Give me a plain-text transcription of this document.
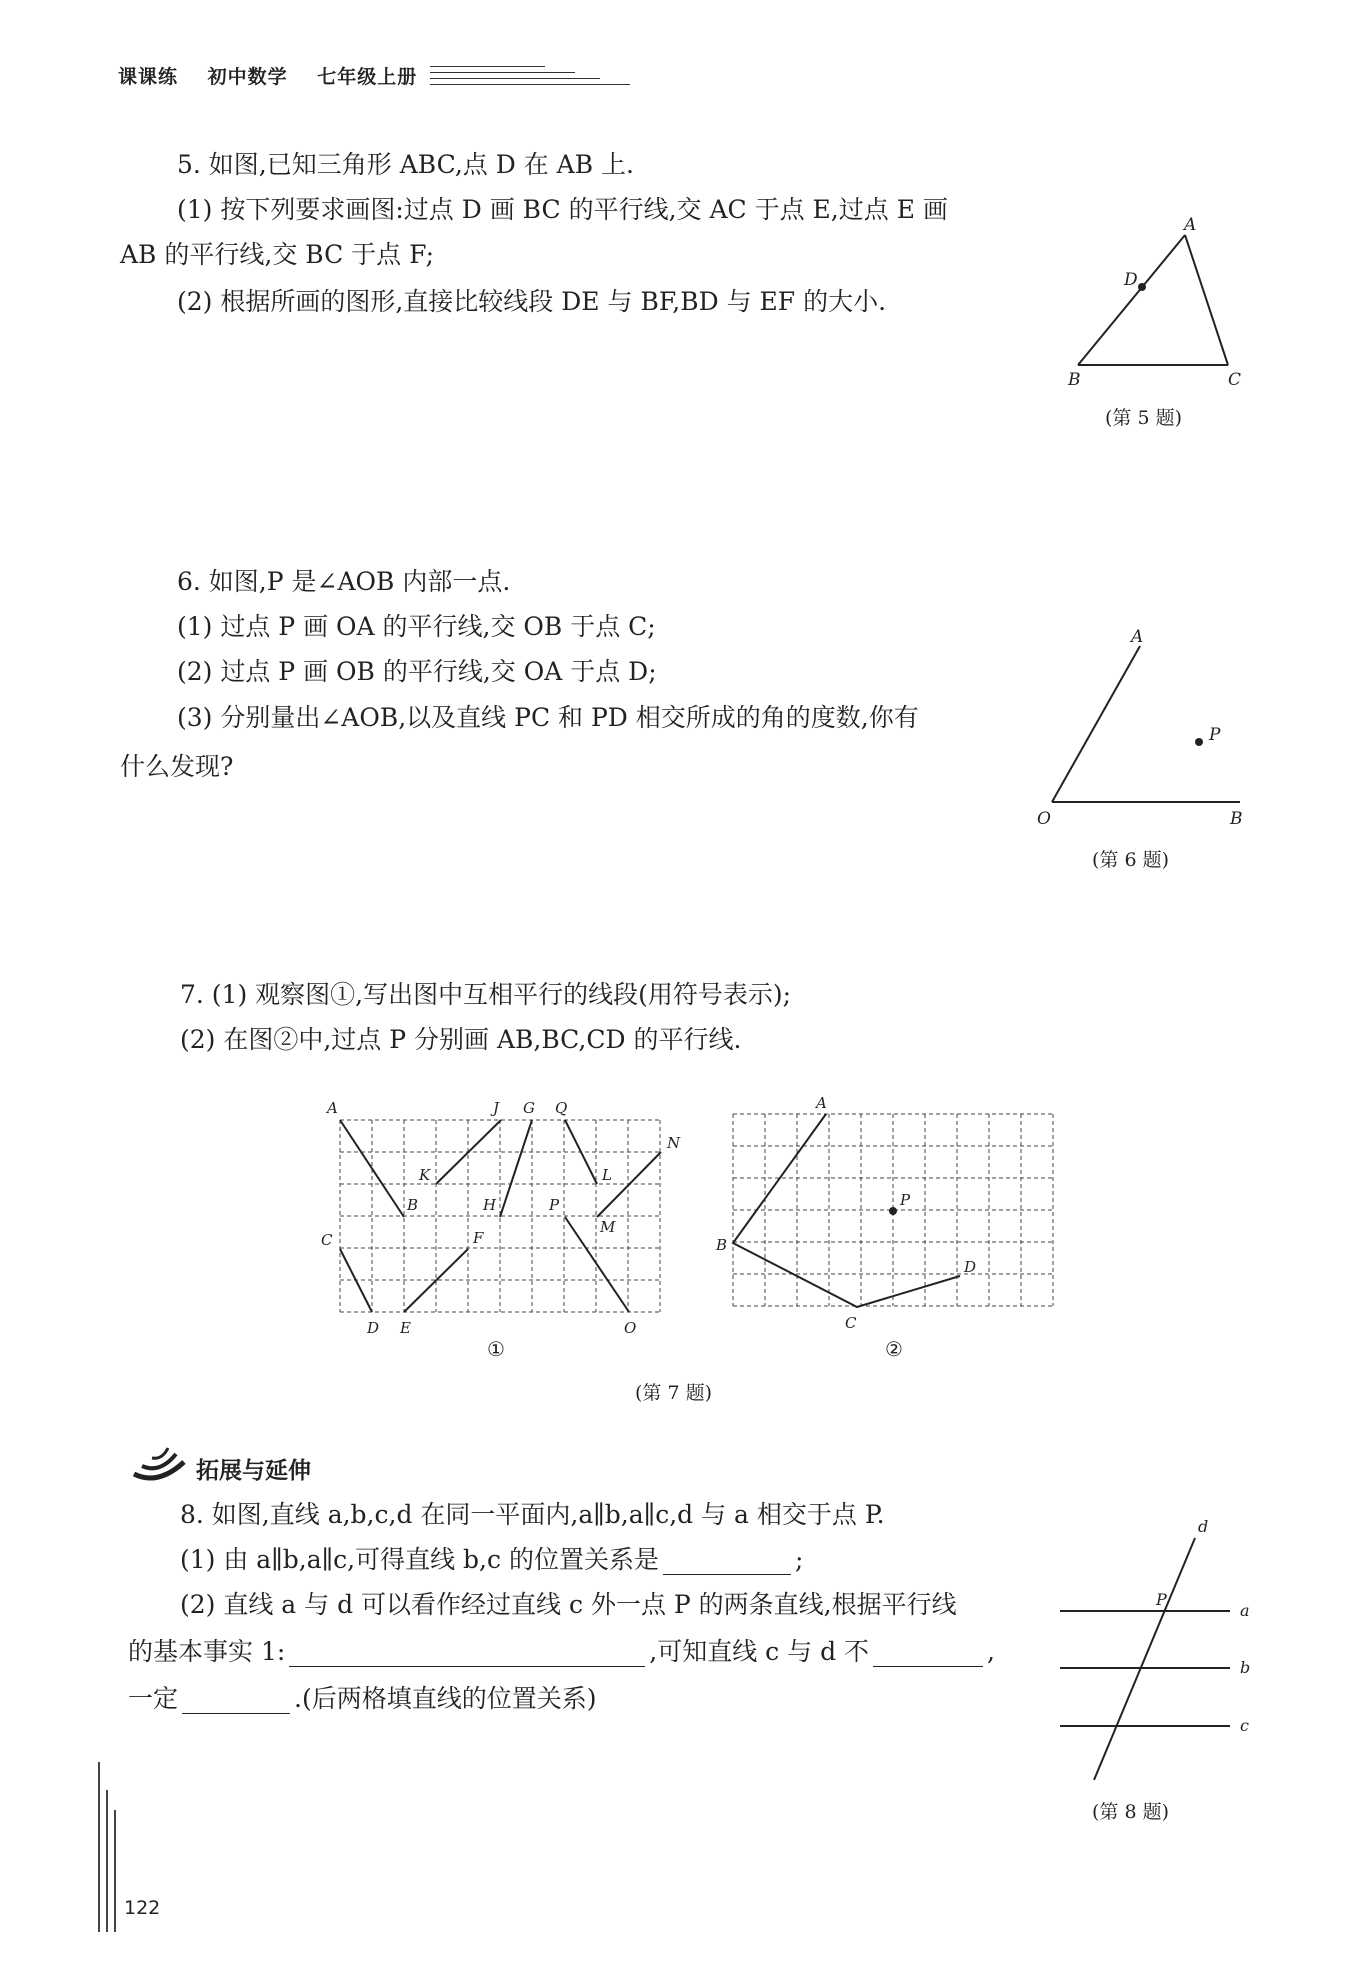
课课练 初中数学 七年级上册
5. 如图,已知三角形 ABC,点 D 在 AB 上.
(1) 按下列要求画图:过点 D 画 BC 的平行线,交 AC 于点 E,过点 E 画
AB 的平行线,交 BC 于点 F;
(2) 根据所画的图形,直接比较线段 DE 与 BF,BD 与 EF 的大小.
A
B	C
D
(第 5 题)
6. 如图,P 是∠AOB 内部一点.
(1) 过点 P 画 OA 的平行线,交 OB 于点 C;
(2) 过点 P 画 OB 的平行线,交 OA 于点 D;
(3) 分别量出∠AOB,以及直线 PC 和 PD 相交所成的角的度数,你有
什么发现?
A
O	B
P
(第 6 题)
7. (1) 观察图①,写出图中互相平行的线段(用符号表示);
(2) 在图②中,过点 P 分别画 AB,BC,CD 的平行线.
A
B
J
K
G
H
Q
L
N
M
P
O
C
D E
F
①
A
P
B
C
D
②
(第 7 题)
拓展与延伸
8. 如图,直线 a,b,c,d 在同一平面内,a∥b,a∥c,d 与 a 相交于点 P.
(1) 由 a∥b,a∥c,可得直线 b,c 的位置关系是	;
(2) 直线 a 与 d 可以看作经过直线 c 外一点 P 的两条直线,根据平行线
的基本事实 1:	,可知直线 c 与 d 不	,
一定	.(后两格填直线的位置关系)
d
P
a
b
c
(第 8 题)
122
